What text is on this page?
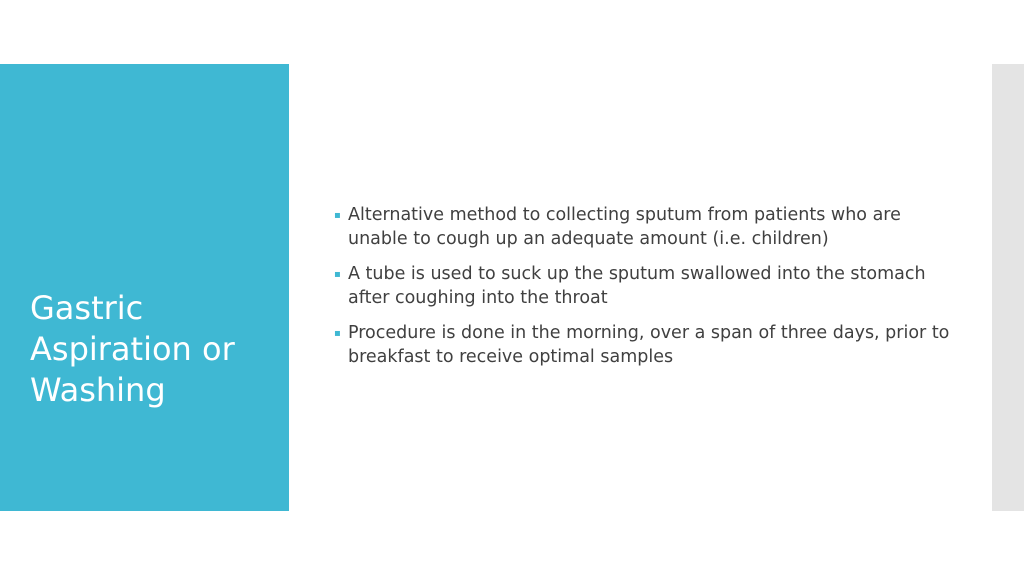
Gastric Aspiration or Washing
▪ Alternative method to collecting sputum from patients who are unable to cough up an adequate amount (i.e. children)
▪ A tube is used to suck up the sputum swallowed into the stomach after coughing into the throat
▪ Procedure is done in the morning, over a span of three days, prior to breakfast to receive optimal samples
